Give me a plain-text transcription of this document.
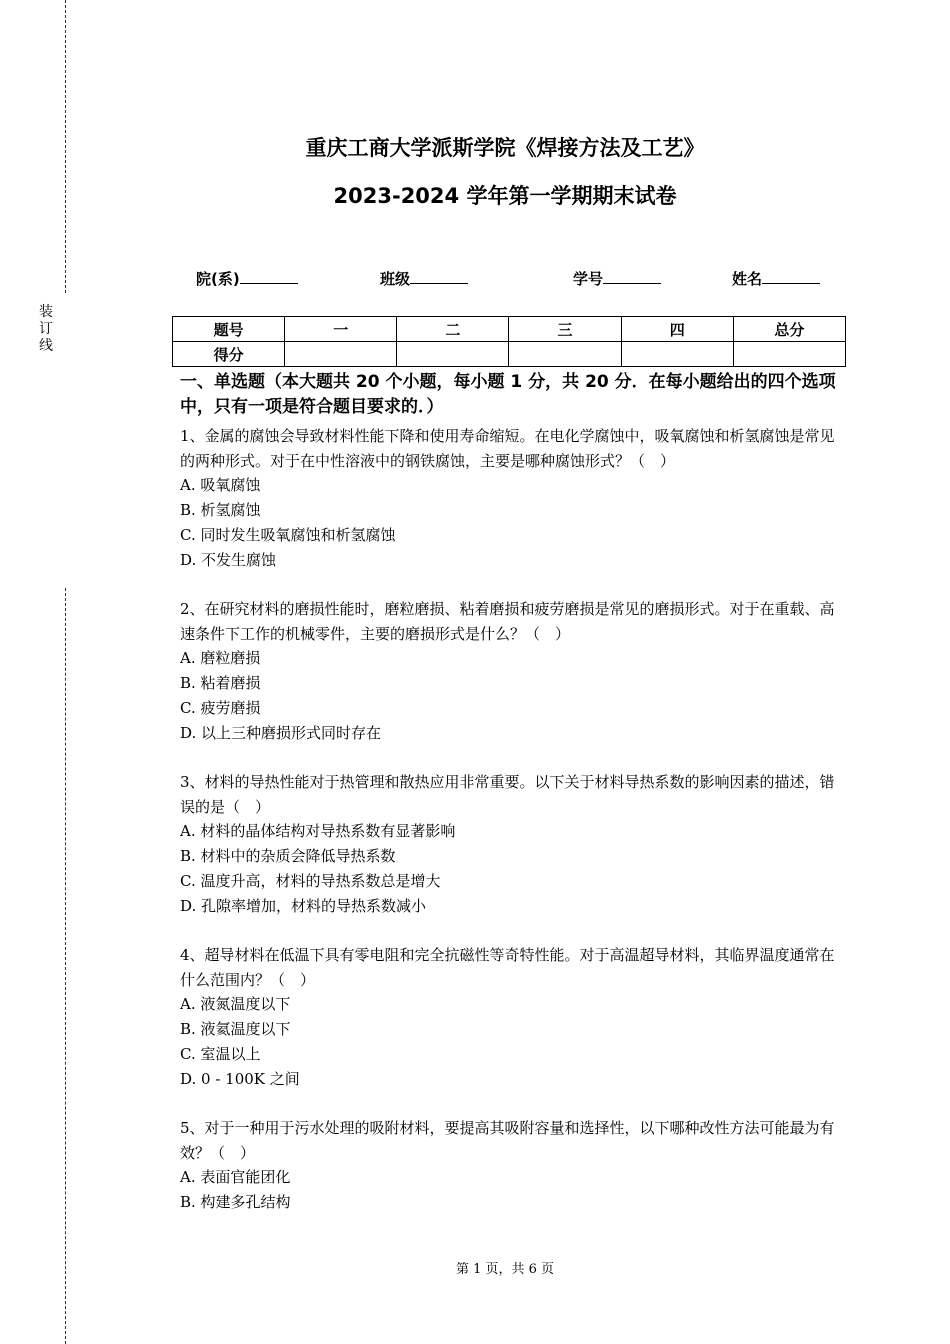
装
订
线
重庆工商大学派斯学院《焊接方法及工艺》
2023-2024 学年第一学期期末试卷
院(系)	班级	学号	姓名
题号	一	二	三	四	总分
得分					

一、单选题（本大题共 20 个小题，每小题 1 分，共 20 分．在每小题给出的四个选项中，只有一项是符合题目要求的．）

1、金属的腐蚀会导致材料性能下降和使用寿命缩短。在电化学腐蚀中，吸氧腐蚀和析氢腐蚀是常见的两种形式。对于在中性溶液中的钢铁腐蚀，主要是哪种腐蚀形式？（　）

A. 吸氧腐蚀

B. 析氢腐蚀

C. 同时发生吸氧腐蚀和析氢腐蚀

D. 不发生腐蚀

2、在研究材料的磨损性能时，磨粒磨损、粘着磨损和疲劳磨损是常见的磨损形式。对于在重载、高速条件下工作的机械零件，主要的磨损形式是什么？（　）

A. 磨粒磨损

B. 粘着磨损

C. 疲劳磨损

D. 以上三种磨损形式同时存在

3、材料的导热性能对于热管理和散热应用非常重要。以下关于材料导热系数的影响因素的描述，错误的是（　）

A. 材料的晶体结构对导热系数有显著影响

B. 材料中的杂质会降低导热系数

C. 温度升高，材料的导热系数总是增大

D. 孔隙率增加，材料的导热系数减小

4、超导材料在低温下具有零电阻和完全抗磁性等奇特性能。对于高温超导材料，其临界温度通常在什么范围内？（　）

A. 液氮温度以下

B. 液氦温度以下

C. 室温以上

D. 0 - 100K 之间

5、对于一种用于污水处理的吸附材料，要提高其吸附容量和选择性，以下哪种改性方法可能最为有效？（　）

A. 表面官能团化

B. 构建多孔结构

第 1 页，共 6 页
